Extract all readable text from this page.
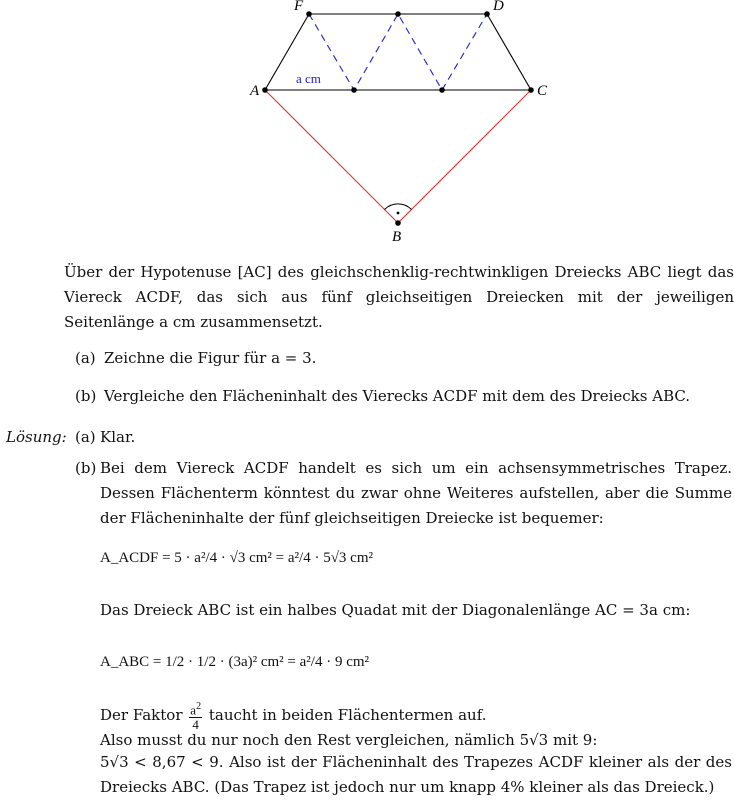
A	C
F	D
B
a cm
Über der Hypotenuse [AC] des gleichschenklig-rechtwinkligen Dreiecks ABC liegt das Viereck ACDF, das sich aus fünf gleichseitigen Dreiecken mit der jeweiligen Seitenlänge a cm zusammensetzt.
(a) Zeichne die Figur für a = 3.
(b) Vergleiche den Flächeninhalt des Vierecks ACDF mit dem des Dreiecks ABC.
Lösung: (a) Klar.
(b) Bei dem Viereck ACDF handelt es sich um ein achsensymmetrisches Trapez. Dessen Flächenterm könntest du zwar ohne Weiteres aufstellen, aber die Summe der Flächeninhalte der fünf gleichseitigen Dreiecke ist bequemer:
A_ACDF = 5 · a²/4 · √3 cm² = a²/4 · 5√3 cm²
Das Dreieck ABC ist ein halbes Quadat mit der Diagonalenlänge AC = 3a cm:
A_ABC = 1/2 · 1/2 · (3a)² cm² = a²/4 · 9 cm²
Der Faktor $\frac{a^2}{4}$ taucht in beiden Flächentermen auf.
Also musst du nur noch den Rest vergleichen, nämlich 5√3 mit 9:
5√3 < 8,67 < 9. Also ist der Flächeninhalt des Trapezes ACDF kleiner als der des Dreiecks ABC. (Das Trapez ist jedoch nur um knapp 4% kleiner als das Dreieck.)
